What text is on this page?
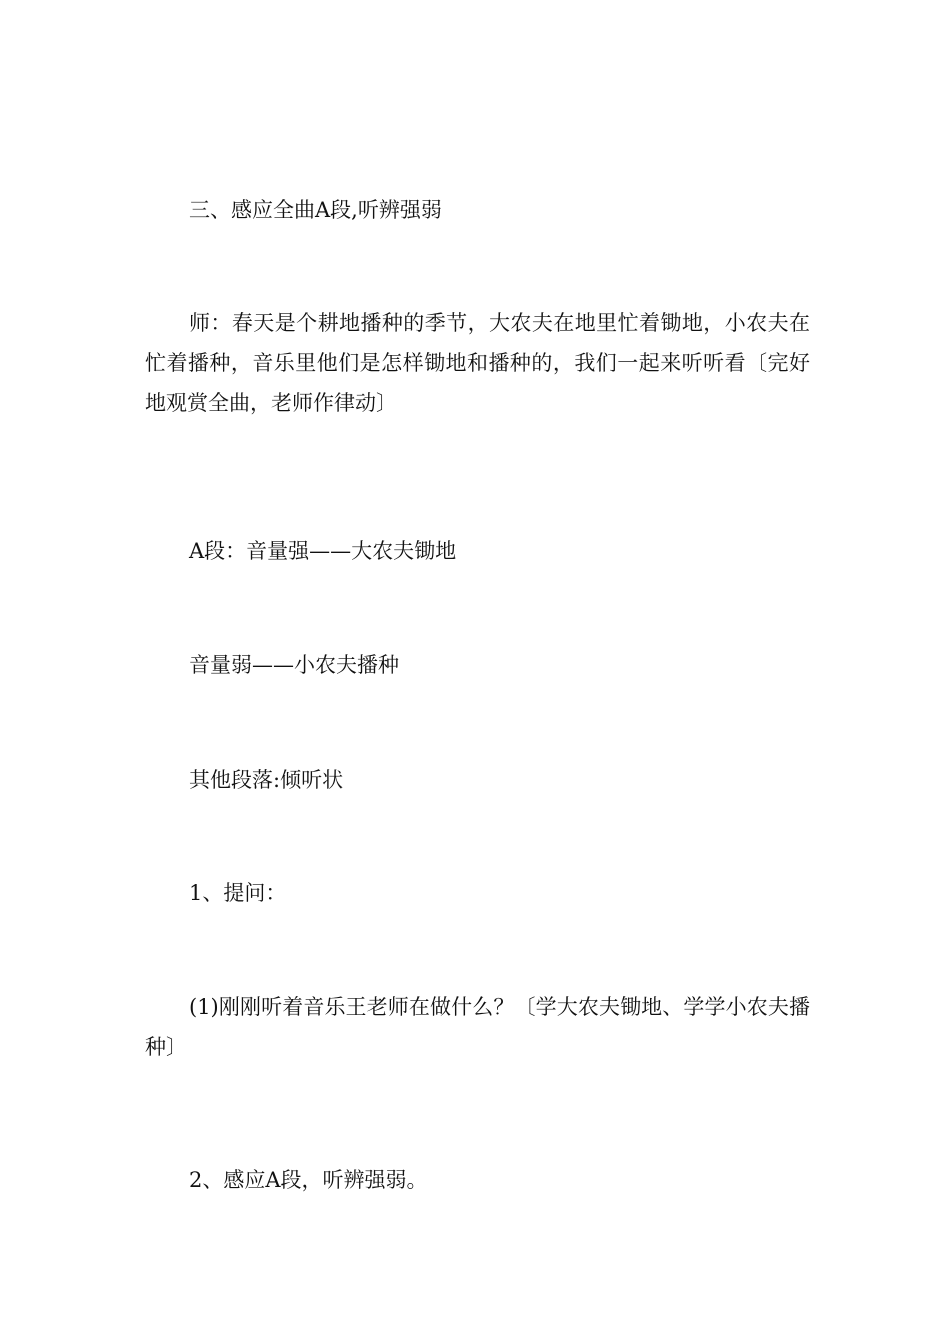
三、感应全曲A段,听辨强弱

师：春天是个耕地播种的季节，大农夫在地里忙着锄地，小农夫在忙着播种，音乐里他们是怎样锄地和播种的，我们一起来听听看〔完好地观赏全曲，老师作律动〕

A段：音量强——大农夫锄地

音量弱——小农夫播种

其他段落:倾听状

1、提问：

(1)刚刚听着音乐王老师在做什么？〔学大农夫锄地、学学小农夫播种〕

2、感应A段，听辨强弱。
